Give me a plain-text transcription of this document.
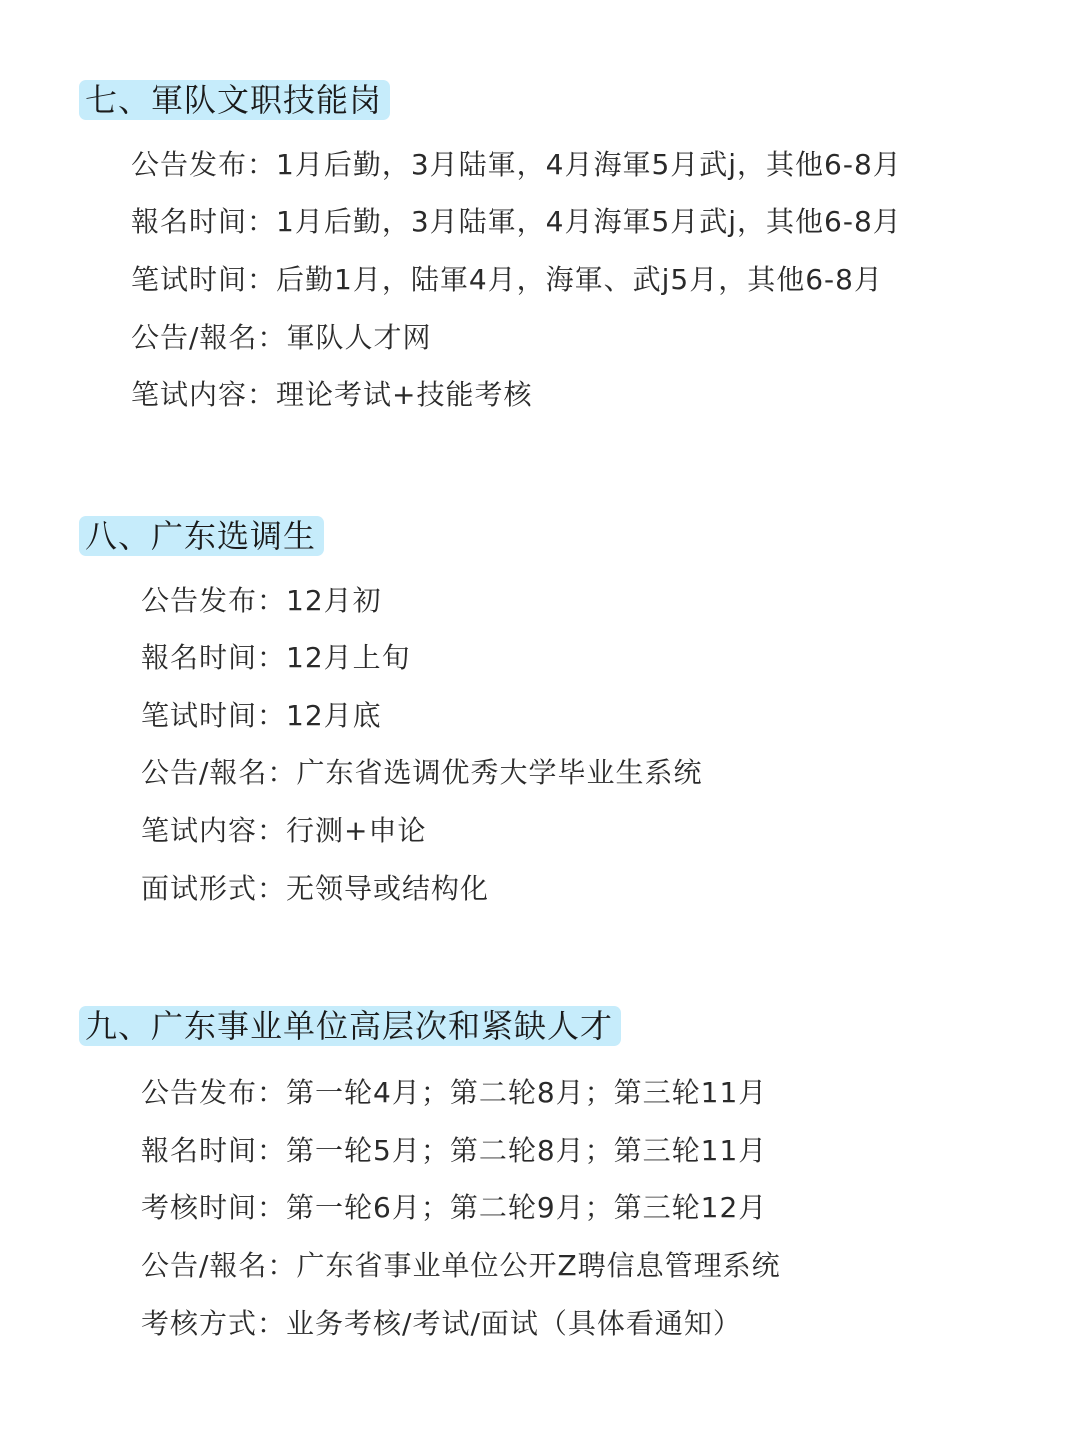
七、軍队文职技能岗
公告发布：1月后勤，3月陆軍，4月海軍5月武j，其他6-8月
報名时间：1月后勤，3月陆軍，4月海軍5月武j，其他6-8月
笔试时间：后勤1月，陆軍4月，海軍、武j5月，其他6-8月
公告/報名：軍队人才网
笔试内容：理论考试+技能考核
八、广东选调生
公告发布：12月初
報名时间：12月上旬
笔试时间：12月底
公告/報名：广东省选调优秀大学毕业生系统
笔试内容：行测+申论
面试形式：无领导或结构化
九、广东事业单位高层次和紧缺人才
公告发布：第一轮4月；第二轮8月；第三轮11月
報名时间：第一轮5月；第二轮8月；第三轮11月
考核时间：第一轮6月；第二轮9月；第三轮12月
公告/報名：广东省事业单位公开Z聘信息管理系统
考核方式：业务考核/考试/面试（具体看通知）
